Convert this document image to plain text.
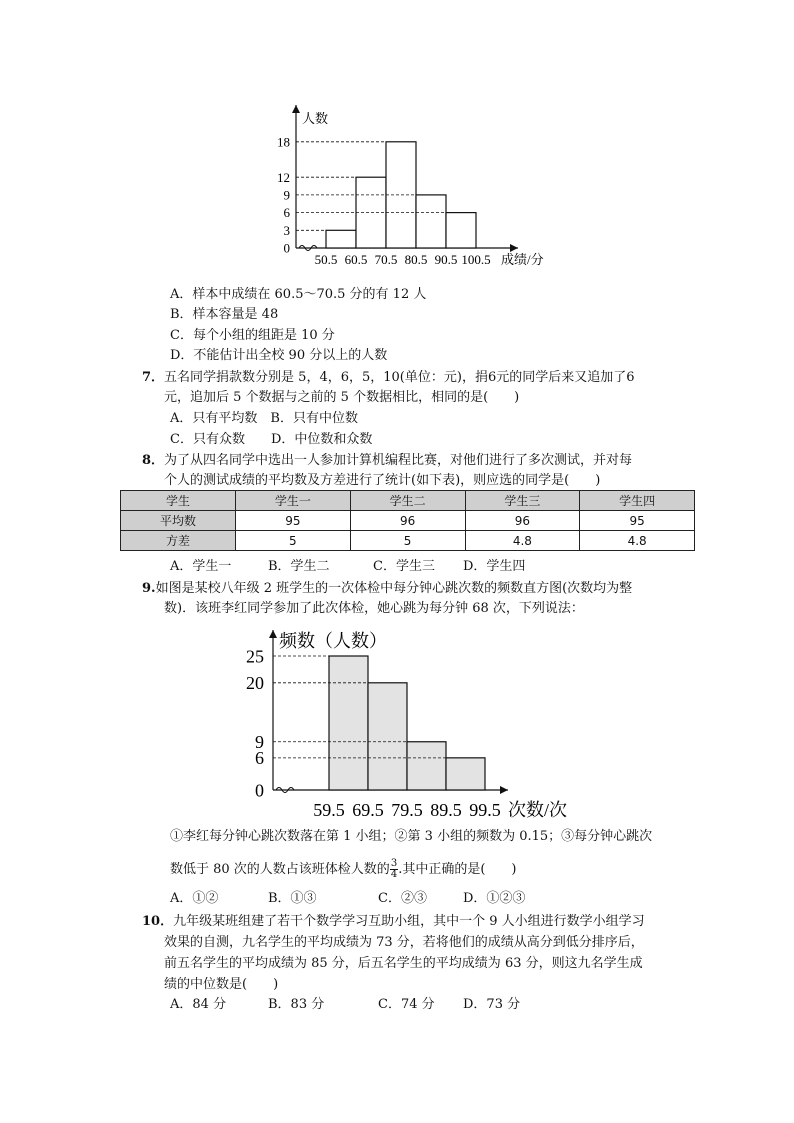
18
12
9
6
3
0
50.5 60.5 70.5 80.5 90.5 100.5
人数
成绩/分
A．样本中成绩在 60.5～70.5 分的有 12 人
B．样本容量是 48
C．每个小组的组距是 10 分
D．不能估计出全校 90 分以上的人数
7．五名同学捐款数分别是 5，4，6，5，10(单位：元)，捐6元的同学后来又追加了6
元，追加后 5 个数据与之前的 5 个数据相比，相同的是(　　)
A．只有平均数　B．只有中位数
C．只有众数　　D．中位数和众数
8．为了从四名同学中选出一人参加计算机编程比赛，对他们进行了多次测试，并对每
个人的测试成绩的平均数及方差进行了统计(如下表)，则应选的同学是(　　)
学生	学生一	学生二	学生三	学生四
平均数	95	96	96	95
方差	5	5	4.8	4.8
A．学生一	B．学生二	C．学生三 D．学生四
9.如图是某校八年级 2 班学生的一次体检中每分钟心跳次数的频数直方图(次数均为整
数)．该班李红同学参加了此次体检，她心跳为每分钟 68 次，下列说法：
25
20
9
6
0
59.5 69.5 79.5 89.5 99.5
频数（人数）
次数/次
①李红每分钟心跳次数落在第 1 小组；②第 3 小组的频数为 0.15；③每分钟心跳次
数低于 80 次的人数占该班体检人数的 $\frac{3}{4}$ .其中正确的是(　　)
A．①②	B．①③	C．②③	D．①②③
10．九年级某班组建了若干个数学学习互助小组，其中一个 9 人小组进行数学小组学习
效果的自测，九名学生的平均成绩为 73 分，若将他们的成绩从高分到低分排序后，
前五名学生的平均成绩为 85 分，后五名学生的平均成绩为 63 分，则这九名学生成
绩的中位数是(　　)
A．84 分	B．83 分	C．74 分 D．73 分
